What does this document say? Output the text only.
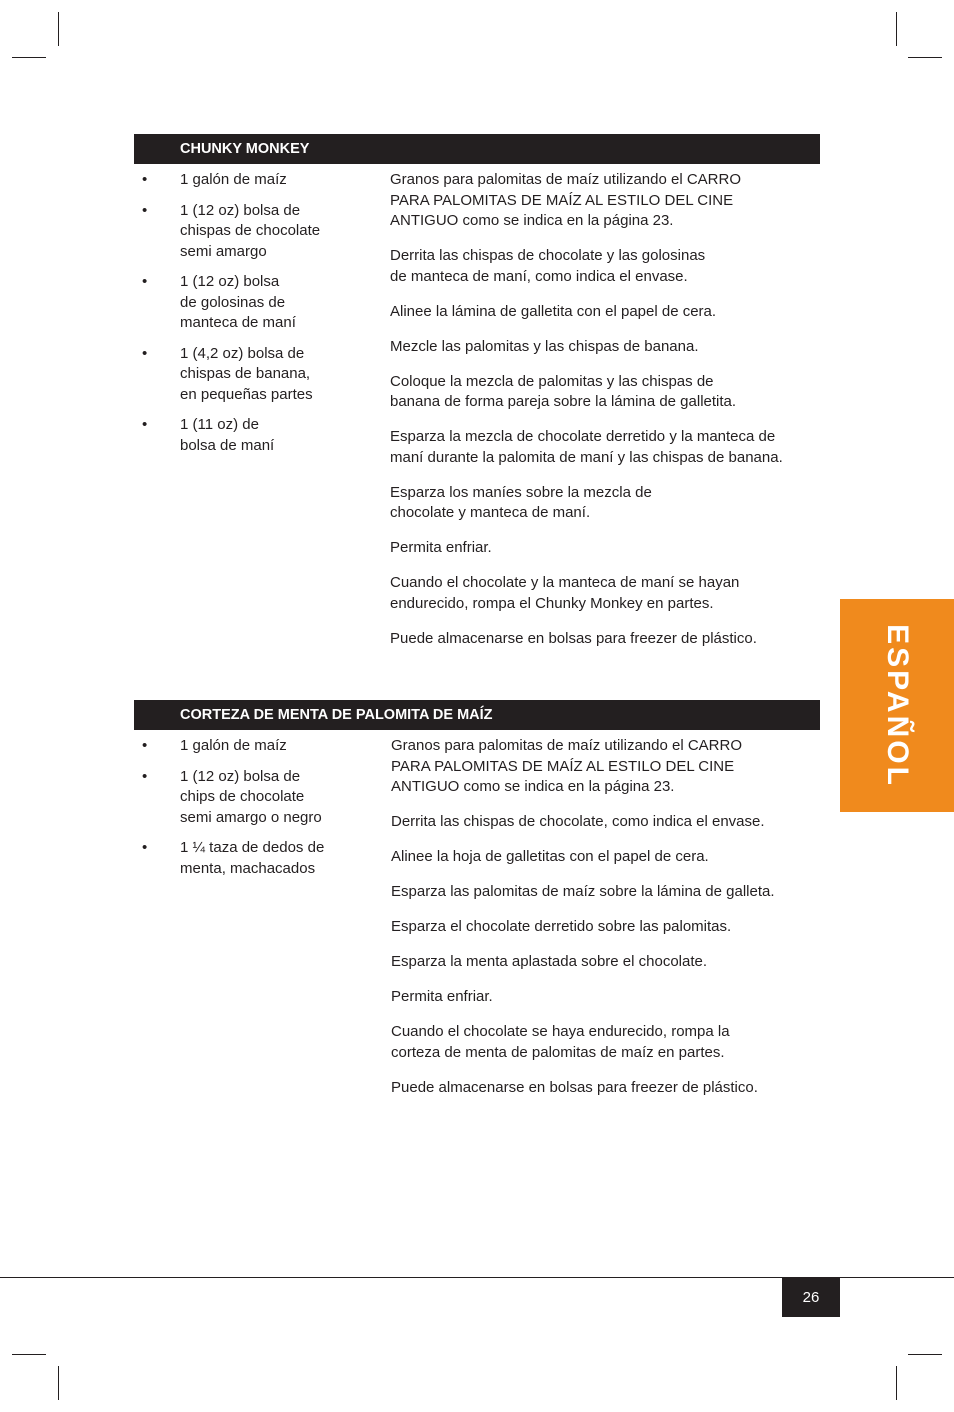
CHUNKY MONKEY
• 1 galón de maíz
• 1 (12 oz) bolsa de
chispas de chocolate
semi amargo
• 1 (12 oz) bolsa
de golosinas de
manteca de maní
• 1 (4,2 oz) bolsa de
chispas de banana,
en pequeñas partes
• 1 (11 oz) de
bolsa de maní

Granos para palomitas de maíz utilizando el CARRO
PARA PALOMITAS DE MAÍZ AL ESTILO DEL CINE
ANTIGUO como se indica en la página 23.

Derrita las chispas de chocolate y las golosinas
de manteca de maní, como indica el envase.

Alinee la lámina de galletita con el papel de cera.

Mezcle las palomitas y las chispas de banana.

Coloque la mezcla de palomitas y las chispas de
banana de forma pareja sobre la lámina de galletita.

Esparza la mezcla de chocolate derretido y la manteca de
maní durante la palomita de maní y las chispas de banana.

Esparza los maníes sobre la mezcla de
chocolate y manteca de maní.

Permita enfriar.

Cuando el chocolate y la manteca de maní se hayan
endurecido, rompa el Chunky Monkey en partes.

Puede almacenarse en bolsas para freezer de plástico.

CORTEZA DE MENTA DE PALOMITA DE MAÍZ
• 1 galón de maíz
• 1 (12 oz) bolsa de
chips de chocolate
semi amargo o negro
• 1 ¼ taza de dedos de
menta, machacados

Granos para palomitas de maíz utilizando el CARRO
PARA PALOMITAS DE MAÍZ AL ESTILO DEL CINE
ANTIGUO como se indica en la página 23.

Derrita las chispas de chocolate, como indica el envase.

Alinee la hoja de galletitas con el papel de cera.

Esparza las palomitas de maíz sobre la lámina de galleta.

Esparza el chocolate derretido sobre las palomitas.

Esparza la menta aplastada sobre el chocolate.

Permita enfriar.

Cuando el chocolate se haya endurecido, rompa la
corteza de menta de palomitas de maíz en partes.

Puede almacenarse en bolsas para freezer de plástico.

ESPAÑOL
26
